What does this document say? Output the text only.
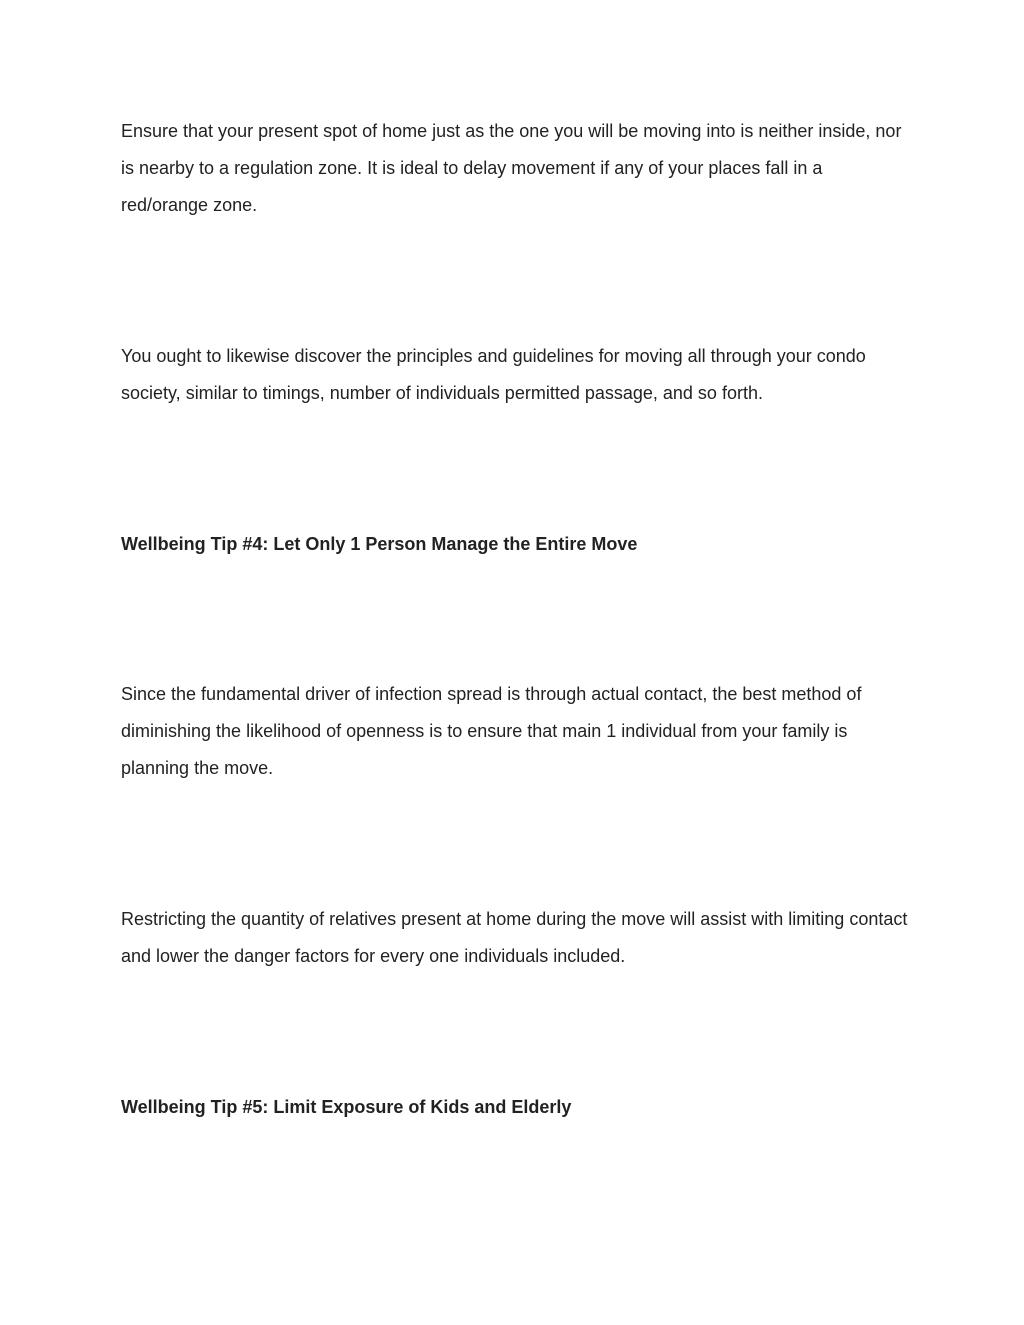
Ensure that your present spot of home just as the one you will be moving into is neither inside, nor is nearby to a regulation zone. It is ideal to delay movement if any of your places fall in a red/orange zone.

You ought to likewise discover the principles and guidelines for moving all through your condo society, similar to timings, number of individuals permitted passage, and so forth.

Wellbeing Tip #4: Let Only 1 Person Manage the Entire Move

Since the fundamental driver of infection spread is through actual contact, the best method of diminishing the likelihood of openness is to ensure that main 1 individual from your family is planning the move.

Restricting the quantity of relatives present at home during the move will assist with limiting contact and lower the danger factors for every one individuals included.

Wellbeing Tip #5: Limit Exposure of Kids and Elderly
